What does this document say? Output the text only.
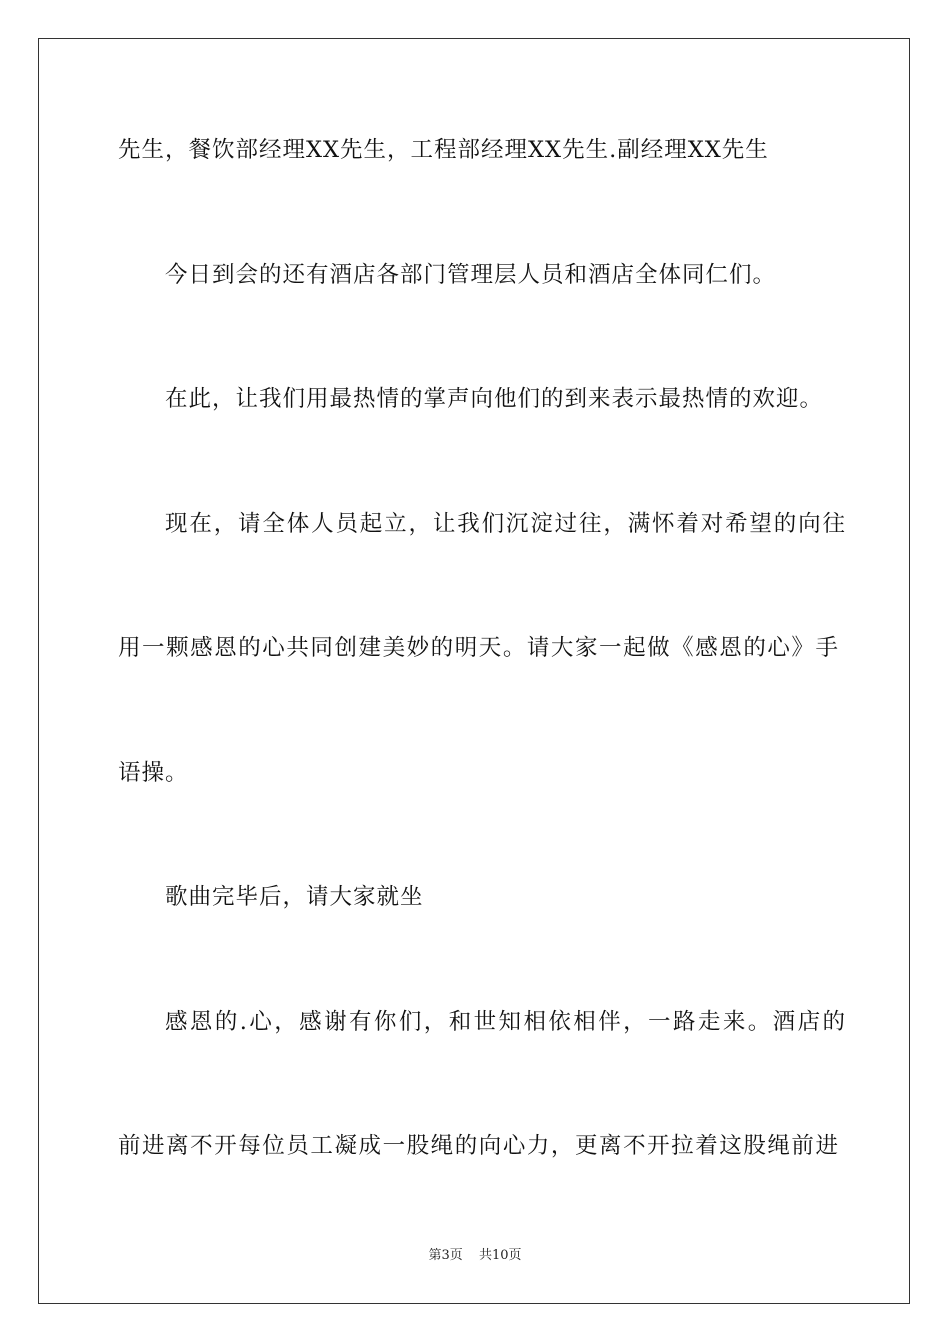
先生，餐饮部经理XX先生，工程部经理XX先生.副经理XX先生
今日到会的还有酒店各部门管理层人员和酒店全体同仁们。
在此，让我们用最热情的掌声向他们的到来表示最热情的欢迎。
现在，请全体人员起立，让我们沉淀过往，满怀着对希望的向往
用一颗感恩的心共同创建美妙的明天。请大家一起做《感恩的心》手
语操。
歌曲完毕后，请大家就坐
感恩的.心，感谢有你们，和世知相依相伴，一路走来。酒店的
前进离不开每位员工凝成一股绳的向心力，更离不开拉着这股绳前进
第3页 共10页
